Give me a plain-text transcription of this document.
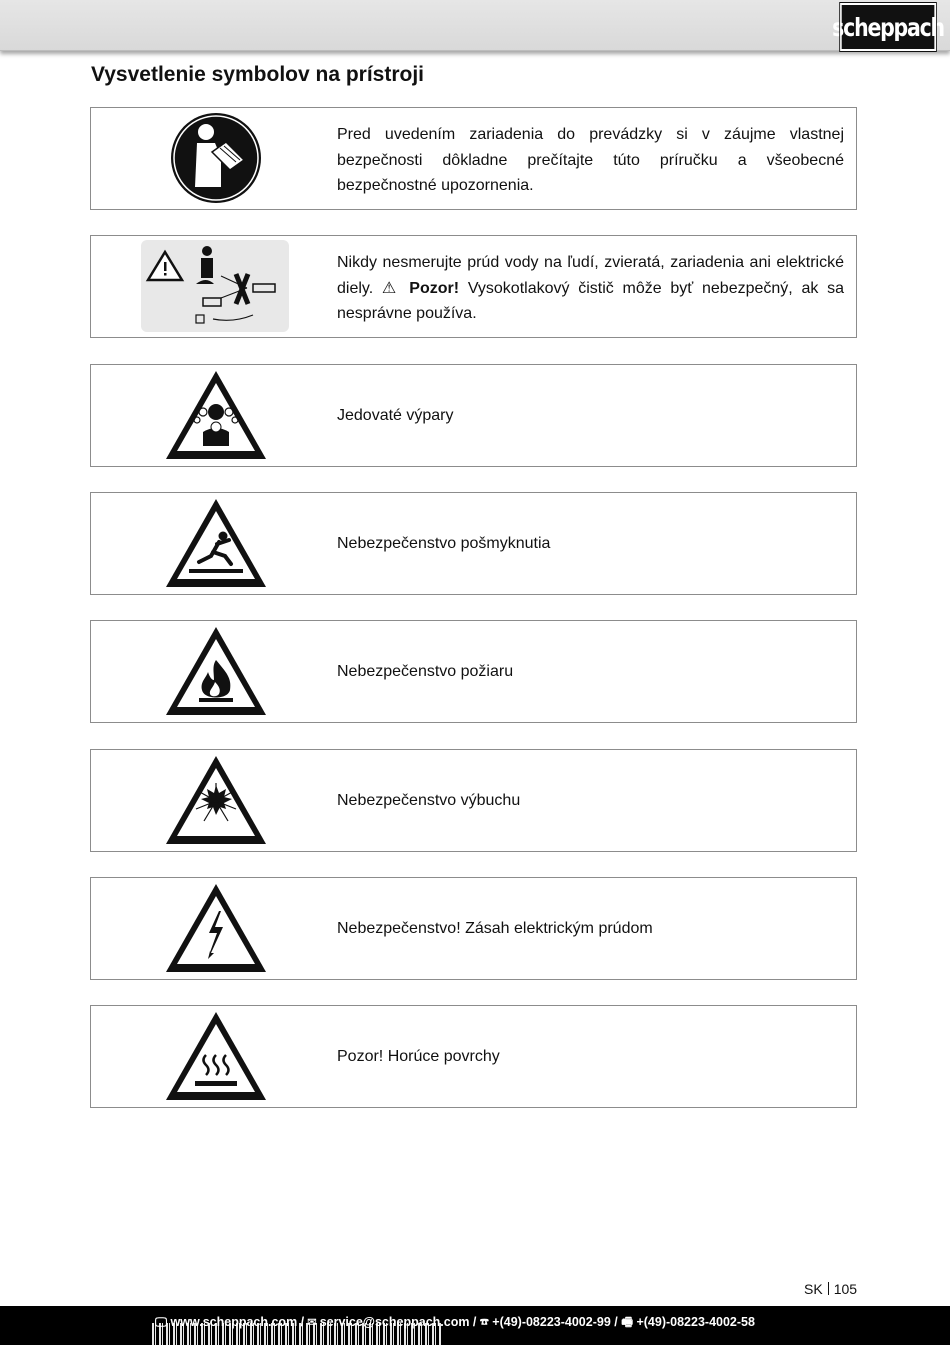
scheppach
Vysvetlenie symbolov na prístroji
Pred uvedením zariadenia do prevádzky si v záujme vlastnej bezpečnosti dôkladne prečítajte túto príručku a všeobecné bezpečnostné upozornenia.
Nikdy nesmerujte prúd vody na ľudí, zvieratá, zariadenia ani elektrické diely. ⚠ Pozor! Vysokotlakový čistič môže byť nebezpečný, ak sa nesprávne používa.
Jedovaté výpary
Nebezpečenstvo pošmyknutia
Nebezpečenstvo požiaru
Nebezpečenstvo výbuchu
Nebezpečenstvo! Zásah elektrickým prúdom
Pozor! Horúce povrchy
SK 105
🖵 www.scheppach.com / ✉ service@scheppach.com / ☎ +(49)-08223-4002-99 / 🖷 +(49)-08223-4002-58
